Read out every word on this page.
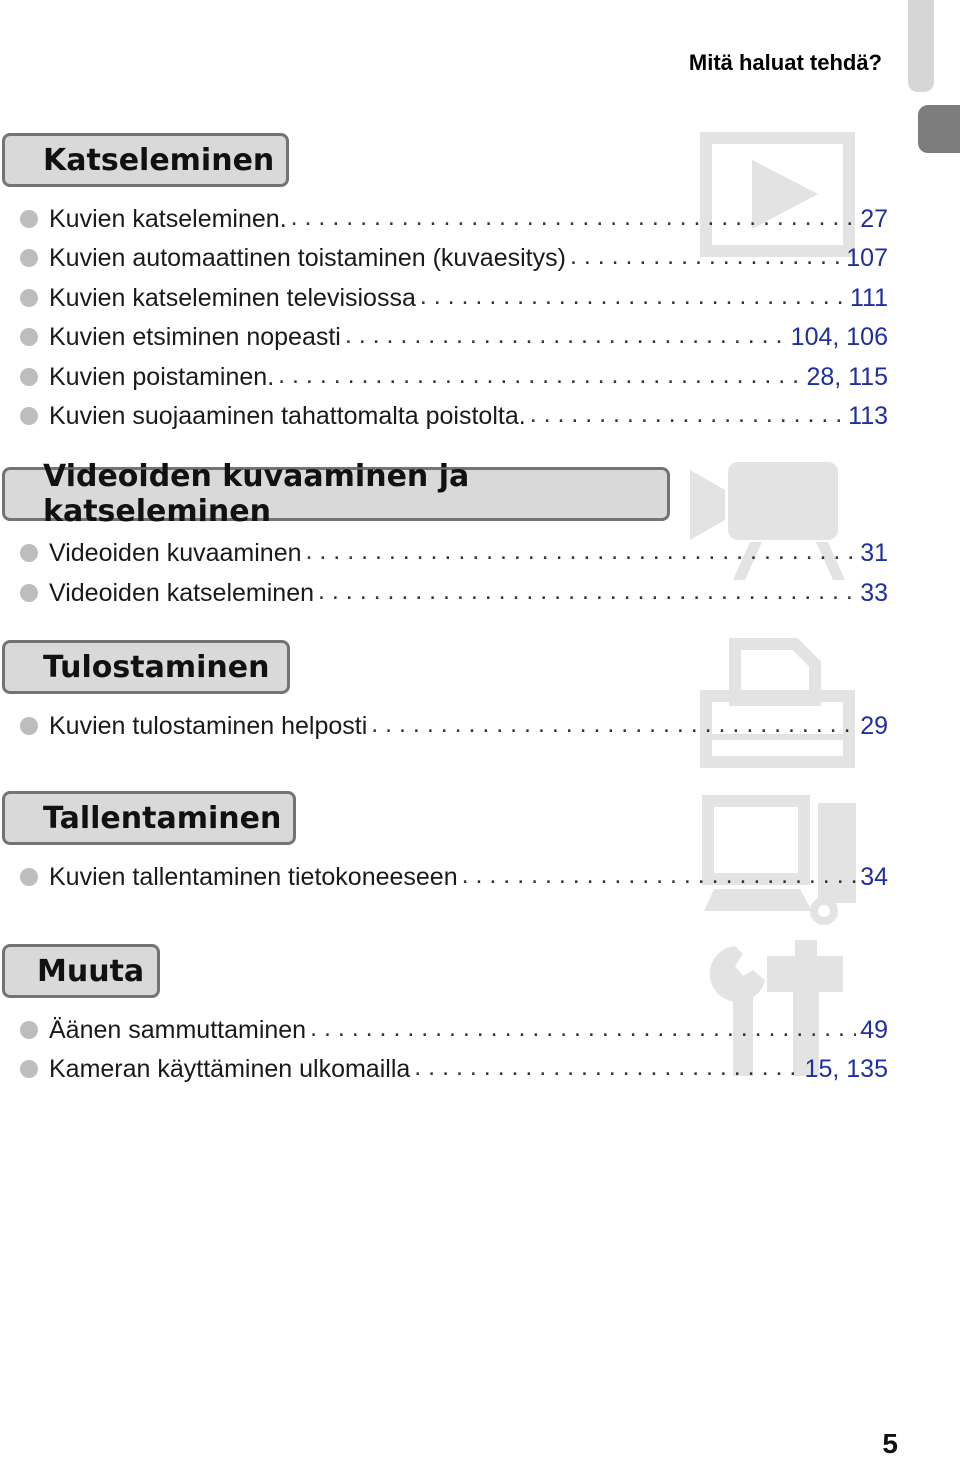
Mitä haluat tehdä?
Katseleminen
Kuvien katseleminen. . . .	27
Kuvien automaattinen toistaminen (kuvaesitys) . . .	107
Kuvien katseleminen televisiossa . . .	111
Kuvien etsiminen nopeasti . . .	104, 106
Kuvien poistaminen. . . .	28, 115
Kuvien suojaaminen tahattomalta poistolta. . . .	113
Videoiden kuvaaminen ja katseleminen
Videoiden kuvaaminen . . .	31
Videoiden katseleminen . . .	33
Tulostaminen
Kuvien tulostaminen helposti . . .	29
Tallentaminen
Kuvien tallentaminen tietokoneeseen . . .	34
Muuta
Äänen sammuttaminen . . .	49
Kameran käyttäminen ulkomailla . . .	15, 135
5
